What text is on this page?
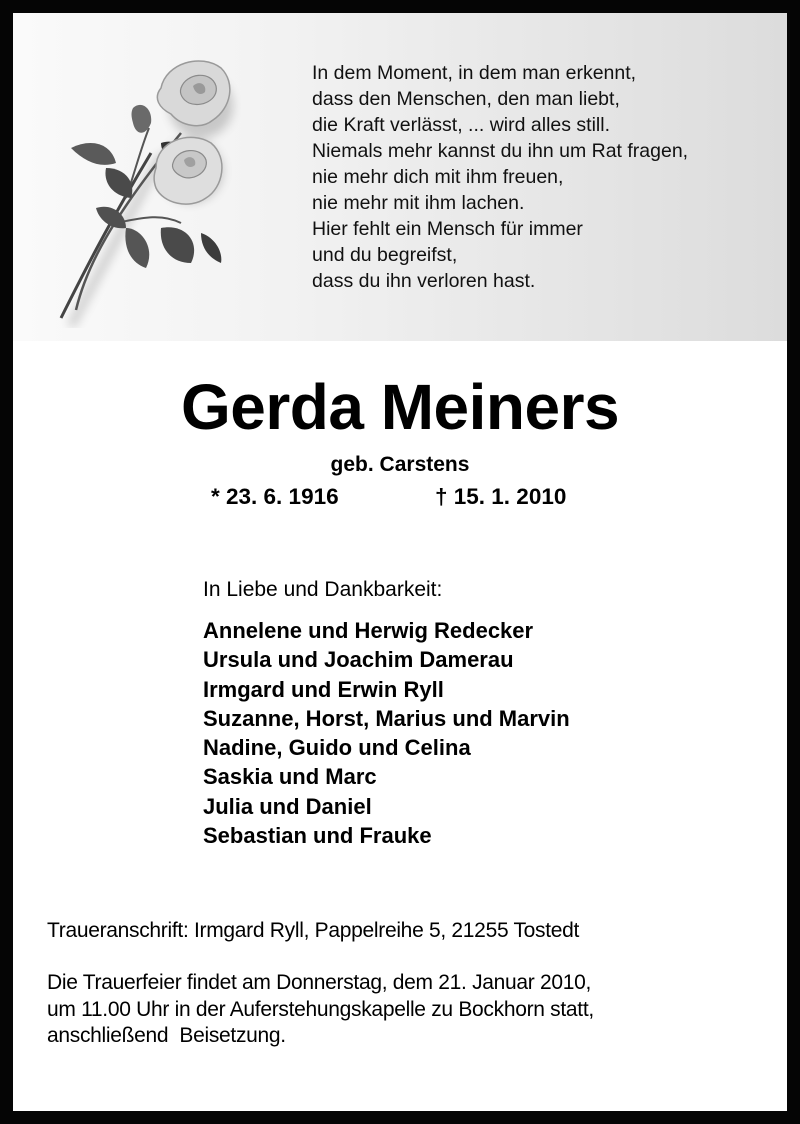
In dem Moment, in dem man erkennt,
dass den Menschen, den man liebt,
die Kraft verlässt, ... wird alles still.
Niemals mehr kannst du ihn um Rat fragen,
nie mehr dich mit ihm freuen,
nie mehr mit ihm lachen.
Hier fehlt ein Mensch für immer
und du begreifst,
dass du ihn verloren hast.
Gerda Meiners
geb. Carstens
* 23. 6. 1916	† 15. 1. 2010
In Liebe und Dankbarkeit:
Annelene und Herwig Redecker
Ursula und Joachim Damerau
Irmgard und Erwin Ryll
Suzanne, Horst, Marius und Marvin
Nadine, Guido und Celina
Saskia und Marc
Julia und Daniel
Sebastian und Frauke
Traueranschrift: Irmgard Ryll, Pappelreihe 5, 21255 Tostedt
Die Trauerfeier findet am Donnerstag, dem 21. Januar 2010,
um 11.00 Uhr in der Auferstehungskapelle zu Bockhorn statt,
anschließend  Beisetzung.
